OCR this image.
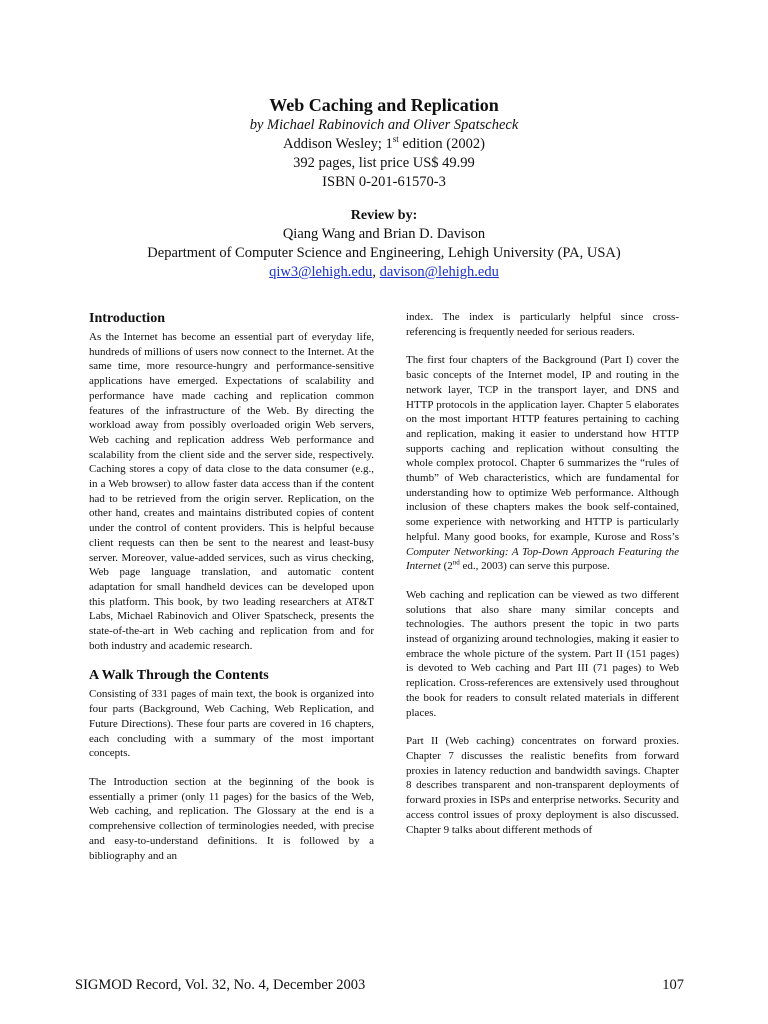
Web Caching and Replication
by Michael Rabinovich and Oliver Spatscheck
Addison Wesley; 1st edition (2002)
392 pages, list price US$ 49.99
ISBN 0-201-61570-3
Review by:
Qiang Wang and Brian D. Davison
Department of Computer Science and Engineering, Lehigh University (PA, USA)
qiw3@lehigh.edu, davison@lehigh.edu
Introduction

As the Internet has become an essential part of everyday life, hundreds of millions of users now connect to the Internet. At the same time, more resource-hungry and performance-sensitive applications have emerged. Expectations of scalability and performance have made caching and replication common features of the infrastructure of the Web. By directing the workload away from possibly overloaded origin Web servers, Web caching and replication address Web performance and scalability from the client side and the server side, respectively. Caching stores a copy of data close to the data consumer (e.g., in a Web browser) to allow faster data access than if the content had to be retrieved from the origin server. Replication, on the other hand, creates and maintains distributed copies of content under the control of content providers. This is helpful because client requests can then be sent to the nearest and least-busy server. Moreover, value-added services, such as virus checking, Web page language translation, and automatic content adaptation for small handheld devices can be developed upon this platform. This book, by two leading researchers at AT&T Labs, Michael Rabinovich and Oliver Spatscheck, presents the state-of-the-art in Web caching and replication from and for both industry and academic research.

A Walk Through the Contents

Consisting of 331 pages of main text, the book is organized into four parts (Background, Web Caching, Web Replication, and Future Directions). These four parts are covered in 16 chapters, each concluding with a summary of the most important concepts.

The Introduction section at the beginning of the book is essentially a primer (only 11 pages) for the basics of the Web, Web caching, and replication. The Glossary at the end is a comprehensive collection of terminologies needed, with precise and easy-to-understand definitions. It is followed by a bibliography and an

index. The index is particularly helpful since cross-referencing is frequently needed for serious readers.

The first four chapters of the Background (Part I) cover the basic concepts of the Internet model, IP and routing in the network layer, TCP in the transport layer, and DNS and HTTP protocols in the application layer. Chapter 5 elaborates on the most important HTTP features pertaining to caching and replication, making it easier to understand how HTTP supports caching and replication without consulting the whole complex protocol. Chapter 6 summarizes the “rules of thumb” of Web characteristics, which are fundamental for understanding how to optimize Web performance. Although inclusion of these chapters makes the book self-contained, some experience with networking and HTTP is particularly helpful. Many good books, for example, Kurose and Ross’s Computer Networking: A Top-Down Approach Featuring the Internet (2nd ed., 2003) can serve this purpose.

Web caching and replication can be viewed as two different solutions that also share many similar concepts and technologies. The authors present the topic in two parts instead of organizing around technologies, making it easier to embrace the whole picture of the system. Part II (151 pages) is devoted to Web caching and Part III (71 pages) to Web replication. Cross-references are extensively used throughout the book for readers to consult related materials in different places.

Part II (Web caching) concentrates on forward proxies. Chapter 7 discusses the realistic benefits from forward proxies in latency reduction and bandwidth savings. Chapter 8 describes transparent and non-transparent deployments of forward proxies in ISPs and enterprise networks. Security and access control issues of proxy deployment is also discussed. Chapter 9 talks about different methods of

SIGMOD Record, Vol. 32, No. 4, December 2003	107
